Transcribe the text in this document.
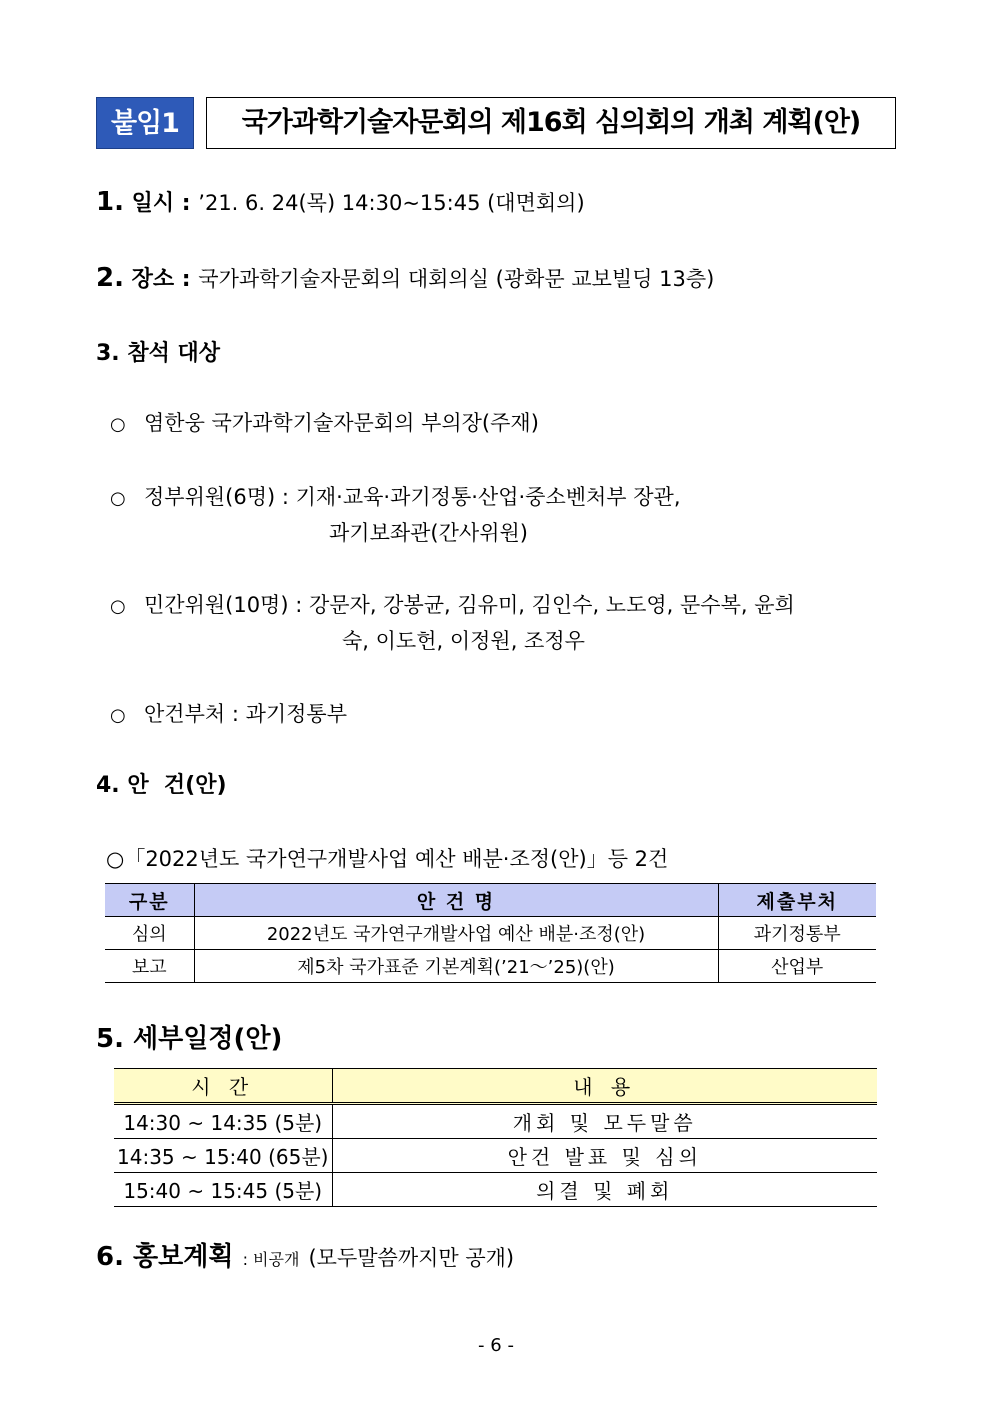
붙임1	국가과학기술자문회의 제16회 심의회의 개최 계획(안)
1. 일시 : ’21. 6. 24(목) 14:30~15:45 (대면회의)
2. 장소 : 국가과학기술자문회의 대회의실 (광화문 교보빌딩 13층)
3. 참석 대상
○ 염한웅 국가과학기술자문회의 부의장(주재)
○ 정부위원(6명) : 기재·교육·과기정통·산업·중소벤처부 장관,
과기보좌관(간사위원)
○ 민간위원(10명) : 강문자, 강봉균, 김유미, 김인수, 노도영, 문수복, 윤희
숙, 이도헌, 이정원, 조정우
○ 안건부처 : 과기정통부
4. 안  건(안)
○「2022년도 국가연구개발사업 예산 배분·조정(안)」등 2건
구분	안 건 명	제출부처
심의	2022년도 국가연구개발사업 예산 배분·조정(안)	과기정통부
보고	제5차 국가표준 기본계획(’21～’25)(안)	산업부
5. 세부일정(안)
시 간	내 용
14:30 ~ 14:35 (5분)	개회 및 모두말씀
14:35 ~ 15:40 (65분)	안건 발표 및 심의
15:40 ~ 15:45 (5분)	의결 및 폐회
6. 홍보계획 : 비공개 (모두말씀까지만 공개)
- 6 -
